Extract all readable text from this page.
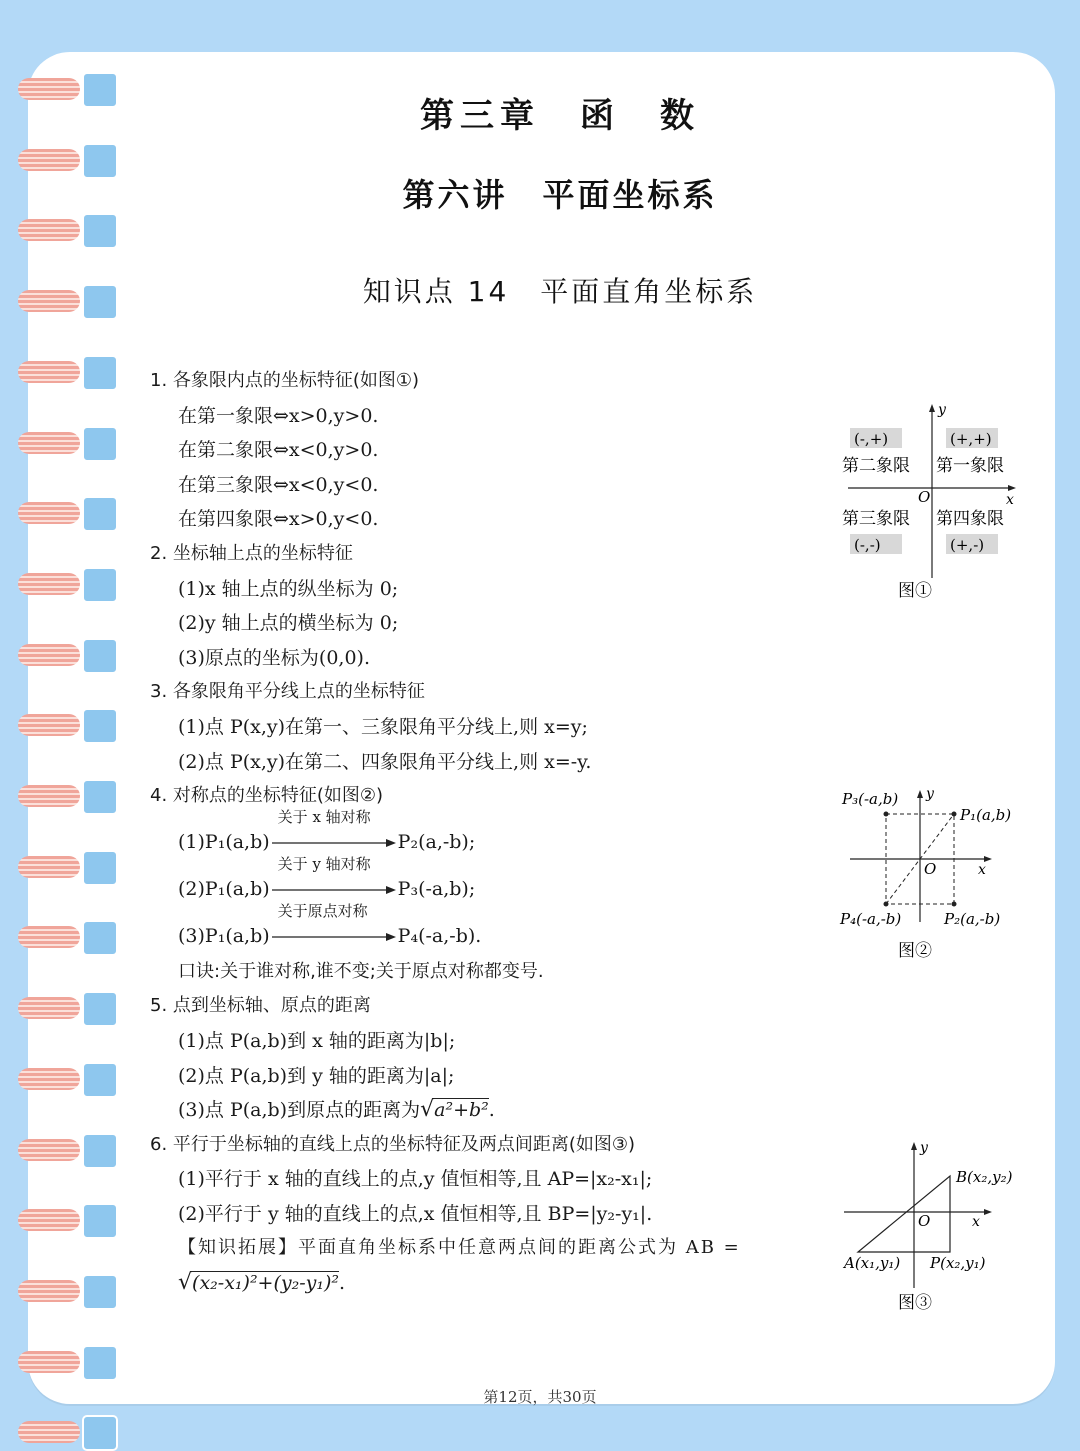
第三章　函　数
第六讲　平面坐标系
知识点 14　平面直角坐标系
1. 各象限内点的坐标特征(如图①)
在第一象限⇔x>0,y>0.
在第二象限⇔x<0,y>0.
在第三象限⇔x<0,y<0.
在第四象限⇔x>0,y<0.
2. 坐标轴上点的坐标特征
(1)x 轴上点的纵坐标为 0;
(2)y 轴上点的横坐标为 0;
(3)原点的坐标为(0,0).
3. 各象限角平分线上点的坐标特征
(1)点 P(x,y)在第一、三象限角平分线上,则 x=y;
(2)点 P(x,y)在第二、四象限角平分线上,则 x=-y.
4. 对称点的坐标特征(如图②)
(1)P₁(a,b)
关于 x 轴对称
P₂(a,-b);
(2)P₁(a,b)
关于 y 轴对称
P₃(-a,b);
(3)P₁(a,b)
关于原点对称
P₄(-a,-b).
口诀:关于谁对称,谁不变;关于原点对称都变号.
5. 点到坐标轴、原点的距离
(1)点 P(a,b)到 x 轴的距离为|b|;
(2)点 P(a,b)到 y 轴的距离为|a|;
(3)点 P(a,b)到原点的距离为√a²+b².
6. 平行于坐标轴的直线上点的坐标特征及两点间距离(如图③)
(1)平行于 x 轴的直线上的点,y 值恒相等,且 AP=|x₂-x₁|;
(2)平行于 y 轴的直线上的点,x 值恒相等,且 BP=|y₂-y₁|.
【知识拓展】平面直角坐标系中任意两点间的距离公式为 AB =
√(x₂-x₁)²+(y₂-y₁)².
y
x
O
(-,+)
第二象限
(+,+)
第一象限
第三象限
(-,-)
第四象限
(+,-)
图①
y
x
O
P₃(-a,b)
P₁(a,b)
P₄(-a,-b)	P₂(a,-b)
图②
y
x
O
B(x₂,y₂)
A(x₁,y₁) P(x₂,y₁)
图③
第12页，共30页
